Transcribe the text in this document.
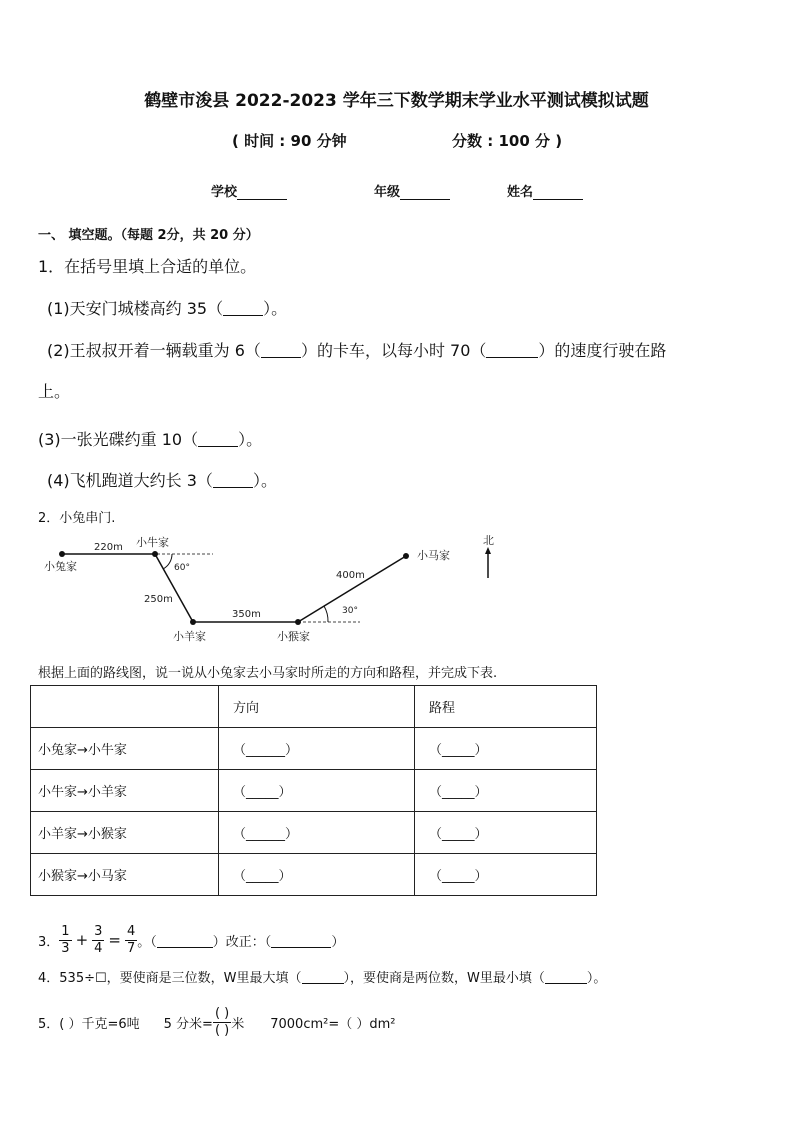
鹤壁市浚县 2022-2023 学年三下数学期末学业水平测试模拟试题
( 时间 : 90 分钟	分数 : 100 分 )
学校	年级	姓名
一、 填空题。（每题 2分，共 20 分）
1．在括号里填上合适的单位。
(1)天安门城楼高约 35（	）。
(2)王叔叔开着一辆载重为 6（	）的卡车，以每小时 70（	）的速度行驶在路
上。
(3)一张光碟约重 10（	）。
(4)飞机跑道大约长 3（	）。
2．小兔串门.
小兔家
小牛家
小羊家	小猴家
小马家
220m
250m
350m
400m
60°
30°
北
根据上面的路线图，说一说从小兔家去小马家时所走的方向和路程，并完成下表.
	方向	路程
小兔家→小牛家	（______）	（_____）
小牛家→小羊家	（_____）	（_____）
小羊家→小猴家	（______）	（_____）
小猴家→小马家	（_____）	（_____）
3． $\frac{1}{3} + \frac{3}{4} = \frac{4}{7}$ 。（	）改正：（	）
4．535÷☐，要使商是三位数，W里最大填（	），要使商是两位数，W里最小填（	）。
5．( ）千克=6吨 5 分米= $\frac{( )}{( )}$ 米 7000cm²=（ ）dm²
